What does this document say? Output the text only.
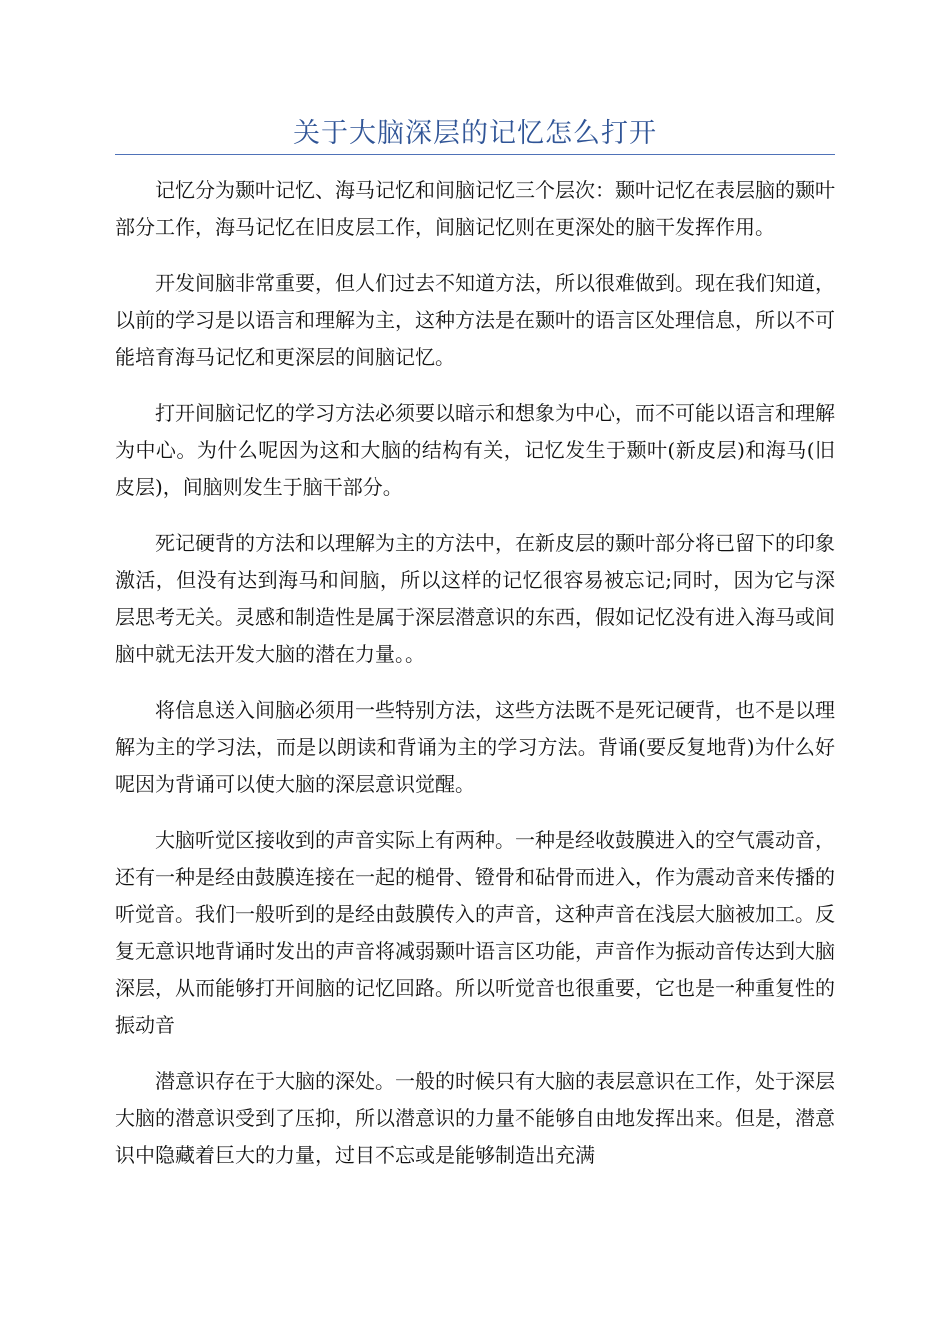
关于大脑深层的记忆怎么打开

记忆分为颞叶记忆、海马记忆和间脑记忆三个层次：颞叶记忆在表层脑的颞叶部分工作，海马记忆在旧皮层工作，间脑记忆则在更深处的脑干发挥作用。

开发间脑非常重要，但人们过去不知道方法，所以很难做到。现在我们知道，以前的学习是以语言和理解为主，这种方法是在颞叶的语言区处理信息，所以不可能培育海马记忆和更深层的间脑记忆。

打开间脑记忆的学习方法必须要以暗示和想象为中心，而不可能以语言和理解为中心。为什么呢因为这和大脑的结构有关，记忆发生于颞叶(新皮层)和海马(旧皮层)，间脑则发生于脑干部分。

死记硬背的方法和以理解为主的方法中，在新皮层的颞叶部分将已留下的印象激活，但没有达到海马和间脑，所以这样的记忆很容易被忘记;同时，因为它与深层思考无关。灵感和制造性是属于深层潜意识的东西，假如记忆没有进入海马或间脑中就无法开发大脑的潜在力量。。

将信息送入间脑必须用一些特别方法，这些方法既不是死记硬背，也不是以理解为主的学习法，而是以朗读和背诵为主的学习方法。背诵(要反复地背)为什么好呢因为背诵可以使大脑的深层意识觉醒。

大脑听觉区接收到的声音实际上有两种。一种是经收鼓膜进入的空气震动音，还有一种是经由鼓膜连接在一起的槌骨、镫骨和砧骨而进入，作为震动音来传播的听觉音。我们一般听到的是经由鼓膜传入的声音，这种声音在浅层大脑被加工。反复无意识地背诵时发出的声音将减弱颞叶语言区功能，声音作为振动音传达到大脑深层，从而能够打开间脑的记忆回路。所以听觉音也很重要，它也是一种重复性的振动音

潜意识存在于大脑的深处。一般的时候只有大脑的表层意识在工作，处于深层大脑的潜意识受到了压抑，所以潜意识的力量不能够自由地发挥出来。但是，潜意识中隐藏着巨大的力量，过目不忘或是能够制造出充满
